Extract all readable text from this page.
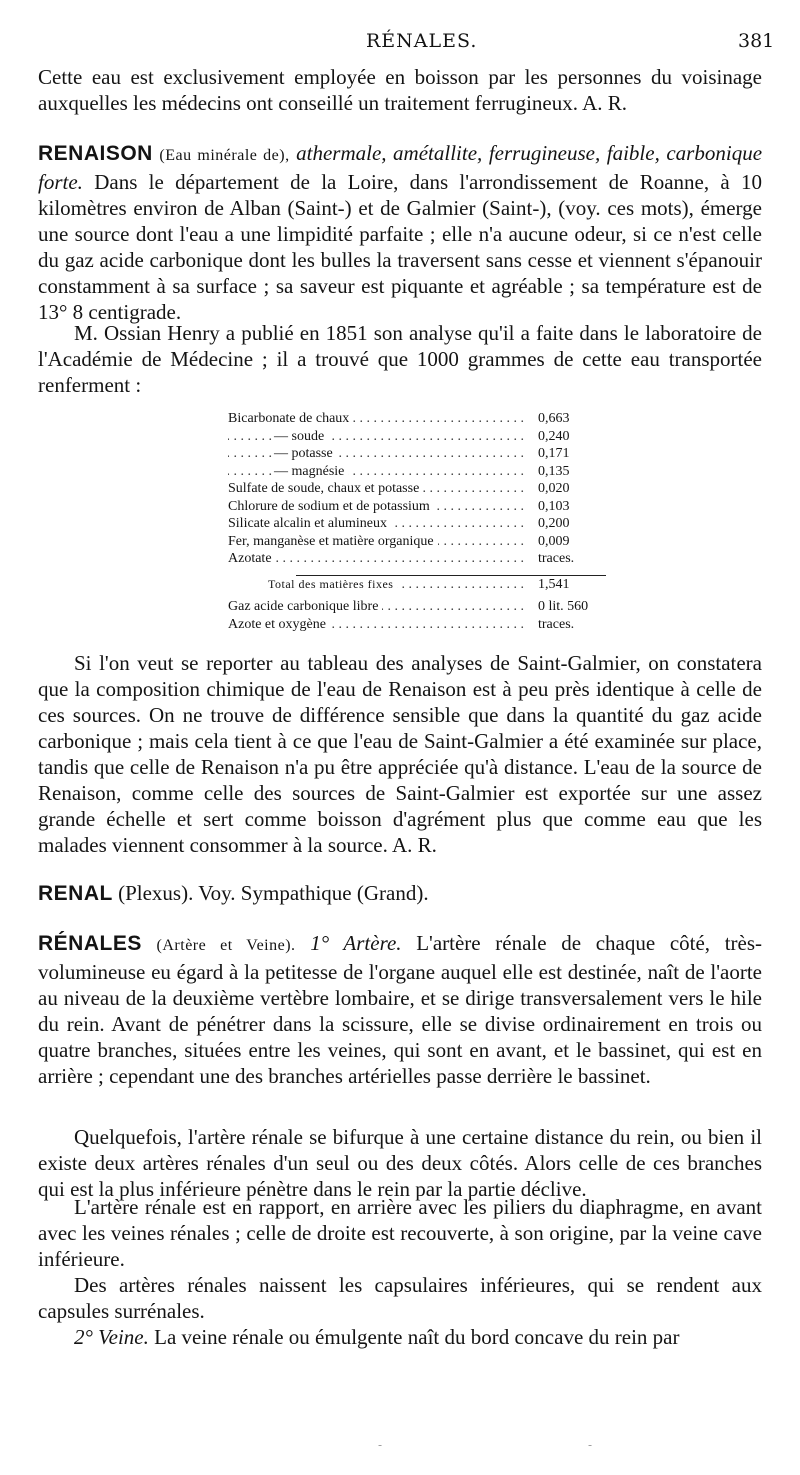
RÉNALES.	381

Cette eau est exclusivement employée en boisson par les personnes du voisinage auxquelles les médecins ont conseillé un traitement ferrugineux. A. R.

RENAISON (Eau minérale de), athermale, amétallite, ferrugineuse, faible, carbonique forte. Dans le département de la Loire, dans l'arrondissement de Roanne, à 10 kilomètres environ de Alban (Saint-) et de Galmier (Saint-), (voy. ces mots), émerge une source dont l'eau a une limpidité parfaite ; elle n'a aucune odeur, si ce n'est celle du gaz acide carbonique dont les bulles la traversent sans cesse et viennent s'épanouir constamment à sa surface ; sa saveur est piquante et agréable ; sa température est de 13° 8 centigrade.

M. Ossian Henry a publié en 1851 son analyse qu'il a faite dans le laboratoire de l'Académie de Médecine ; il a trouvé que 1000 grammes de cette eau transportée renferment :

. . .
Bicarbonate de chaux	0,663
. . .
— soude	0,240
. . .
— potasse	0,171
. . .
— magnésie	0,135
. . .
Sulfate de soude, chaux et potasse	0,020
. . .
Chlorure de sodium et de potassium	0,103
. . .
Silicate alcalin et alumineux	0,200
. . .
Fer, manganèse et matière organique	0,009
. . .
Azotate	traces.
. . .
Total des matières fixes	1,541
. . .
Gaz acide carbonique libre	0 lit. 560
. . .
Azote et oxygène	traces.

Si l'on veut se reporter au tableau des analyses de Saint-Galmier, on constatera que la composition chimique de l'eau de Renaison est à peu près identique à celle de ces sources. On ne trouve de différence sensible que dans la quantité du gaz acide carbonique ; mais cela tient à ce que l'eau de Saint-Galmier a été examinée sur place, tandis que celle de Renaison n'a pu être appréciée qu'à distance. L'eau de la source de Renaison, comme celle des sources de Saint-Galmier est exportée sur une assez grande échelle et sert comme boisson d'agrément plus que comme eau que les malades viennent consommer à la source. A. R.

RENAL (Plexus). Voy. Sympathique (Grand).

RÉNALES (Artère et Veine). 1° Artère. L'artère rénale de chaque côté, très-volumineuse eu égard à la petitesse de l'organe auquel elle est destinée, naît de l'aorte au niveau de la deuxième vertèbre lombaire, et se dirige transversalement vers le hile du rein. Avant de pénétrer dans la scissure, elle se divise ordinairement en trois ou quatre branches, situées entre les veines, qui sont en avant, et le bassinet, qui est en arrière ; cependant une des branches artérielles passe derrière le bassinet.

Quelquefois, l'artère rénale se bifurque à une certaine distance du rein, ou bien il existe deux artères rénales d'un seul ou des deux côtés. Alors celle de ces branches qui est la plus inférieure pénètre dans le rein par la partie déclive.

L'artère rénale est en rapport, en arrière avec les piliers du diaphragme, en avant avec les veines rénales ; celle de droite est recouverte, à son origine, par la veine cave inférieure.

Des artères rénales naissent les capsulaires inférieures, qui se rendent aux capsules surrénales.

2° Veine. La veine rénale ou émulgente naît du bord concave du rein par

-	-
